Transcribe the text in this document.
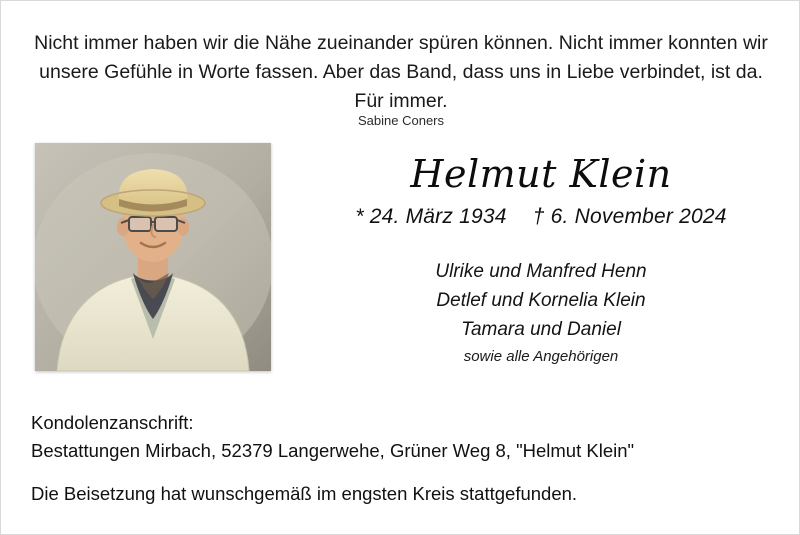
Nicht immer haben wir die Nähe zueinander spüren können. Nicht immer konnten wir unsere Gefühle in Worte fassen. Aber das Band, dass uns in Liebe verbindet, ist da. Für immer.
Sabine Coners
Helmut Klein
* 24. März 1934 † 6. November 2024
Ulrike und Manfred Henn
Detlef und Kornelia Klein
Tamara und Daniel
sowie alle Angehörigen
Kondolenzanschrift:
Bestattungen Mirbach, 52379 Langerwehe, Grüner Weg 8, "Helmut Klein"
Die Beisetzung hat wunschgemäß im engsten Kreis stattgefunden.
